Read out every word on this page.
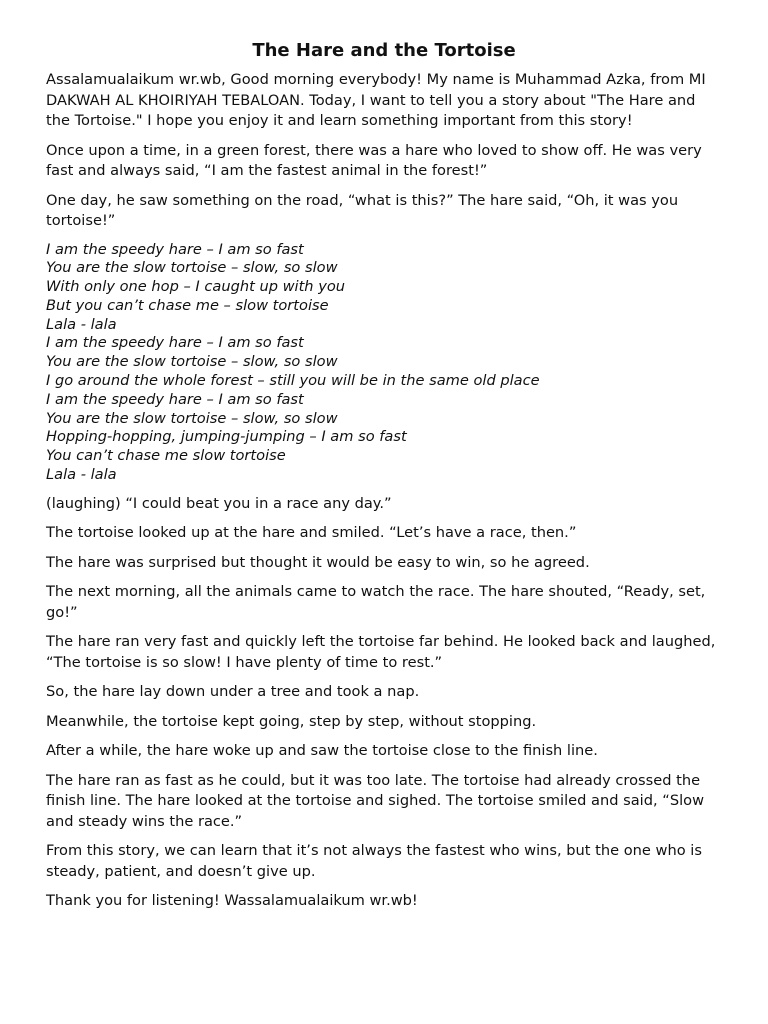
The Hare and the Tortoise

Assalamualaikum wr.wb, Good morning everybody! My name is Muhammad Azka, from MI DAKWAH AL KHOIRIYAH TEBALOAN. Today, I want to tell you a story about "The Hare and the Tortoise." I hope you enjoy it and learn something important from this story!

Once upon a time, in a green forest, there was a hare who loved to show off. He was very fast and always said, “I am the fastest animal in the forest!”

One day, he saw something on the road, “what is this?” The hare said, “Oh, it was you tortoise!”

I am the speedy hare – I am so fast
You are the slow tortoise – slow, so slow
With only one hop – I caught up with you
But you can’t chase me – slow tortoise
Lala - lala
I am the speedy hare – I am so fast
You are the slow tortoise – slow, so slow
I go around the whole forest – still you will be in the same old place
I am the speedy hare – I am so fast
You are the slow tortoise – slow, so slow
Hopping-hopping, jumping-jumping – I am so fast
You can’t chase me slow tortoise
Lala - lala

(laughing) “I could beat you in a race any day.”

The tortoise looked up at the hare and smiled. “Let’s have a race, then.”

The hare was surprised but thought it would be easy to win, so he agreed.

The next morning, all the animals came to watch the race. The hare shouted, “Ready, set, go!”

The hare ran very fast and quickly left the tortoise far behind. He looked back and laughed, “The tortoise is so slow! I have plenty of time to rest.”

So, the hare lay down under a tree and took a nap.

Meanwhile, the tortoise kept going, step by step, without stopping.

After a while, the hare woke up and saw the tortoise close to the finish line.

The hare ran as fast as he could, but it was too late. The tortoise had already crossed the finish line. The hare looked at the tortoise and sighed. The tortoise smiled and said, “Slow and steady wins the race.”

From this story, we can learn that it’s not always the fastest who wins, but the one who is steady, patient, and doesn’t give up.

Thank you for listening! Wassalamualaikum wr.wb!
